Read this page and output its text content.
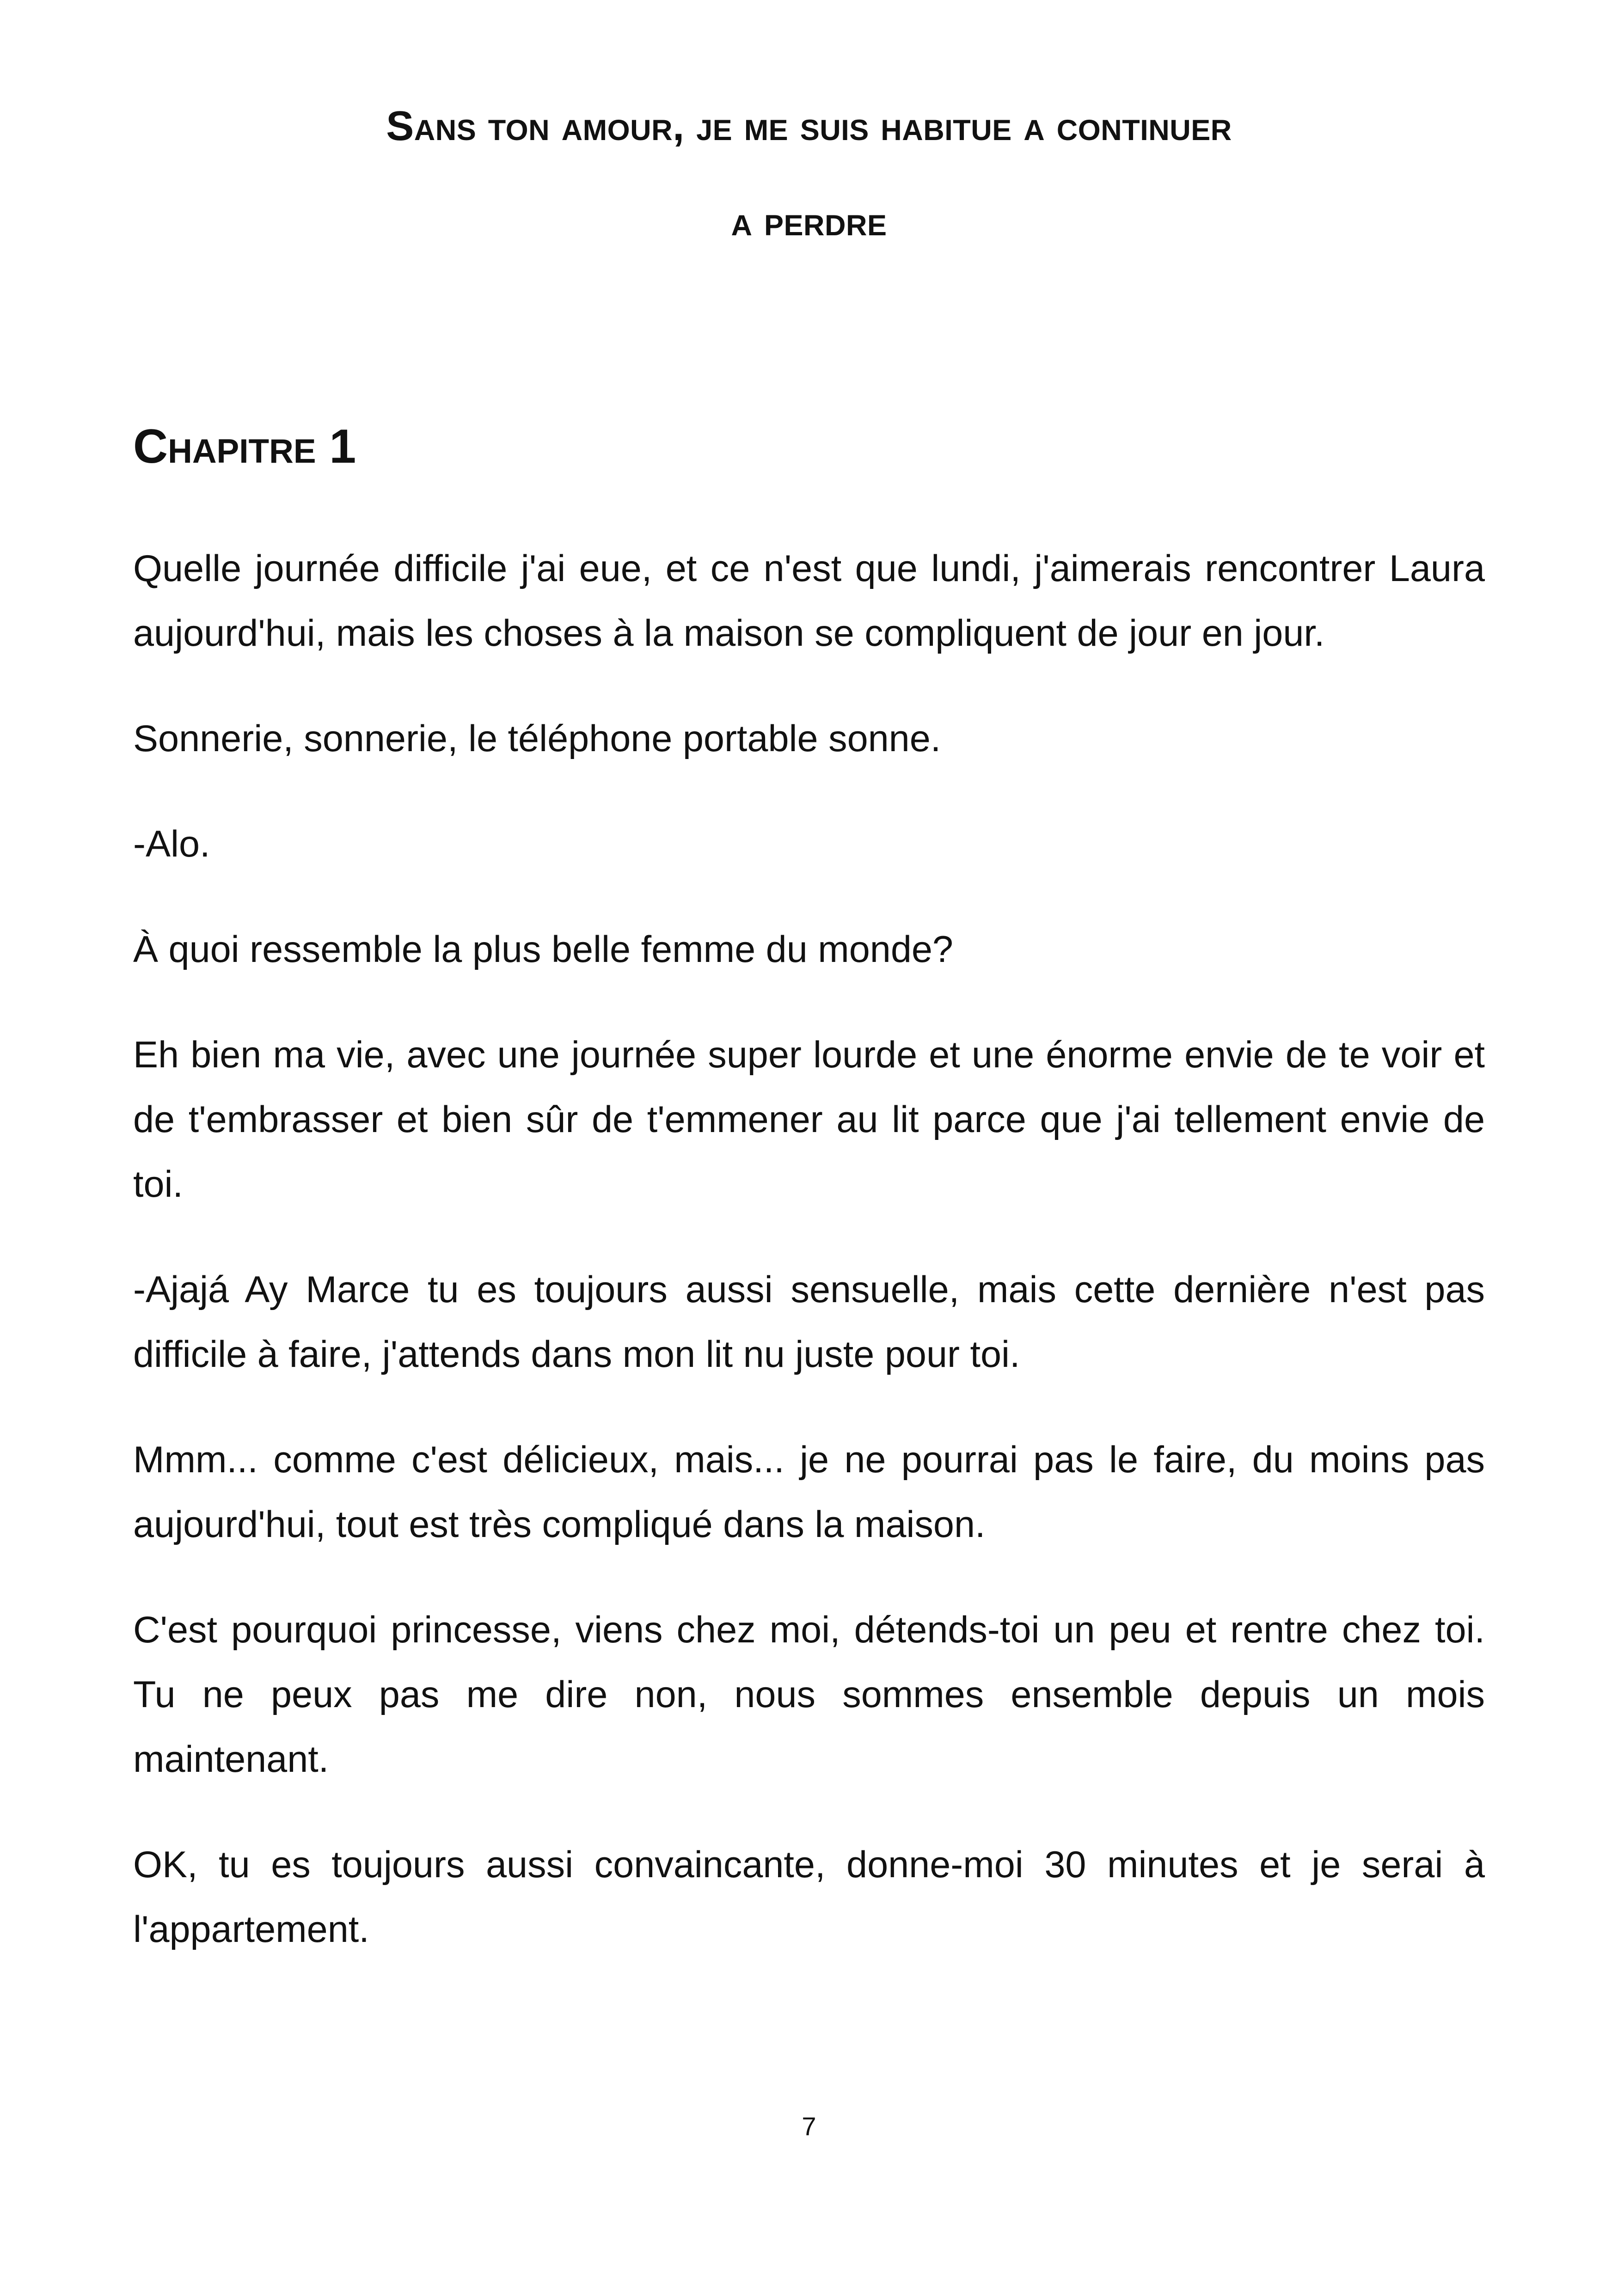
Sans ton amour, je me suis habitue a continuer
a perdre
Chapitre 1

Quelle journée difficile j'ai eue, et ce n'est que lundi, j'aimerais rencontrer Laura aujourd'hui, mais les choses à la maison se compliquent de jour en jour.

Sonnerie, sonnerie, le téléphone portable sonne.

-Alo.

À quoi ressemble la plus belle femme du monde?

Eh bien ma vie, avec une journée super lourde et une énorme envie de te voir et de t'embrasser et bien sûr de t'emmener au lit parce que j'ai tellement envie de toi.

-Ajajá Ay Marce tu es toujours aussi sensuelle, mais cette dernière n'est pas difficile à faire, j'attends dans mon lit nu juste pour toi.

Mmm... comme c'est délicieux, mais... je ne pourrai pas le faire, du moins pas aujourd'hui, tout est très compliqué dans la maison.

C'est pourquoi princesse, viens chez moi, détends-toi un peu et rentre chez toi. Tu ne peux pas me dire non, nous sommes ensemble depuis un mois maintenant.

OK, tu es toujours aussi convaincante, donne-moi 30 minutes et je serai à l'appartement.

7
